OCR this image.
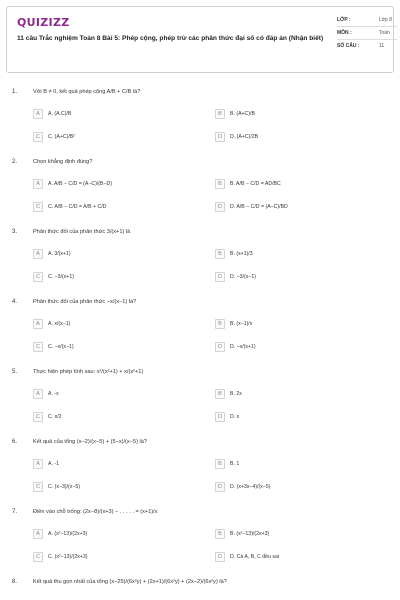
QUIZIZZ
11 câu Trắc nghiệm Toán 8 Bài 5: Phép cộng, phép trừ các phân thức đại số có đáp án (Nhận biết)
LỚP :	Lớp 8
MÔN :	Toán
SỐ CÂU :	11
1.	Với B ≠ 0, kết quả phép cộng A/B + C/B là?
A	A. (A.C)/B	B	B. (A+C)/B
C	C. (A+C)/B²	D	D. (A+C)/2B
2.	Chọn khẳng định đúng?
A	A. A/B − C/D = (A−C)/(B−D)	B	B. A/B − C/D = AD/BC
C	C. A/B − C/D = A/B + C/D	D	D. A/B − C/D = (A−C)/BD
3.	Phân thức đối của phân thức 3/(x+1) là
A	A. 3/(x+1)	B	B. (x+1)/3
C	C. −3/(x+1)	D	D. −3/(x−1)
4.	Phân thức đối của phân thức −x/(x−1) là?
A	A. x/(x−1)	B	B. (x−1)/x
C	C. −x/(x−1)	D	D. −x/(x+1)
5.	Thực hiện phép tính sau: x²/(x²+1) + x/(x²+1)
A	A. -x	B	B. 2x
C	C. x/2	D	D. x
6.	Kết quả của tổng (x−2)/(x−5) + (5−x)/(x−5) là?
A	A. -1	B	B. 1
C	C. (x−3)/(x−5)	D	D. (x+3x−4)/(x−5)
7.	Điền vào chỗ trống: (2x−8)/(x+3) − . . . . . = (x+1)/x
A	A. (x²−13)/(2x+3)	B	B. (x²−13)/(2x+3)
C	C. (x²−13)/(2x+3)	D	D. Cả A, B, C đều sai
8.	Kết quả thu gọn nhất của tổng (x−25)/(6x²y) + (2x+1)/(6x²y) + (2x−2)/(6x²y) là?
